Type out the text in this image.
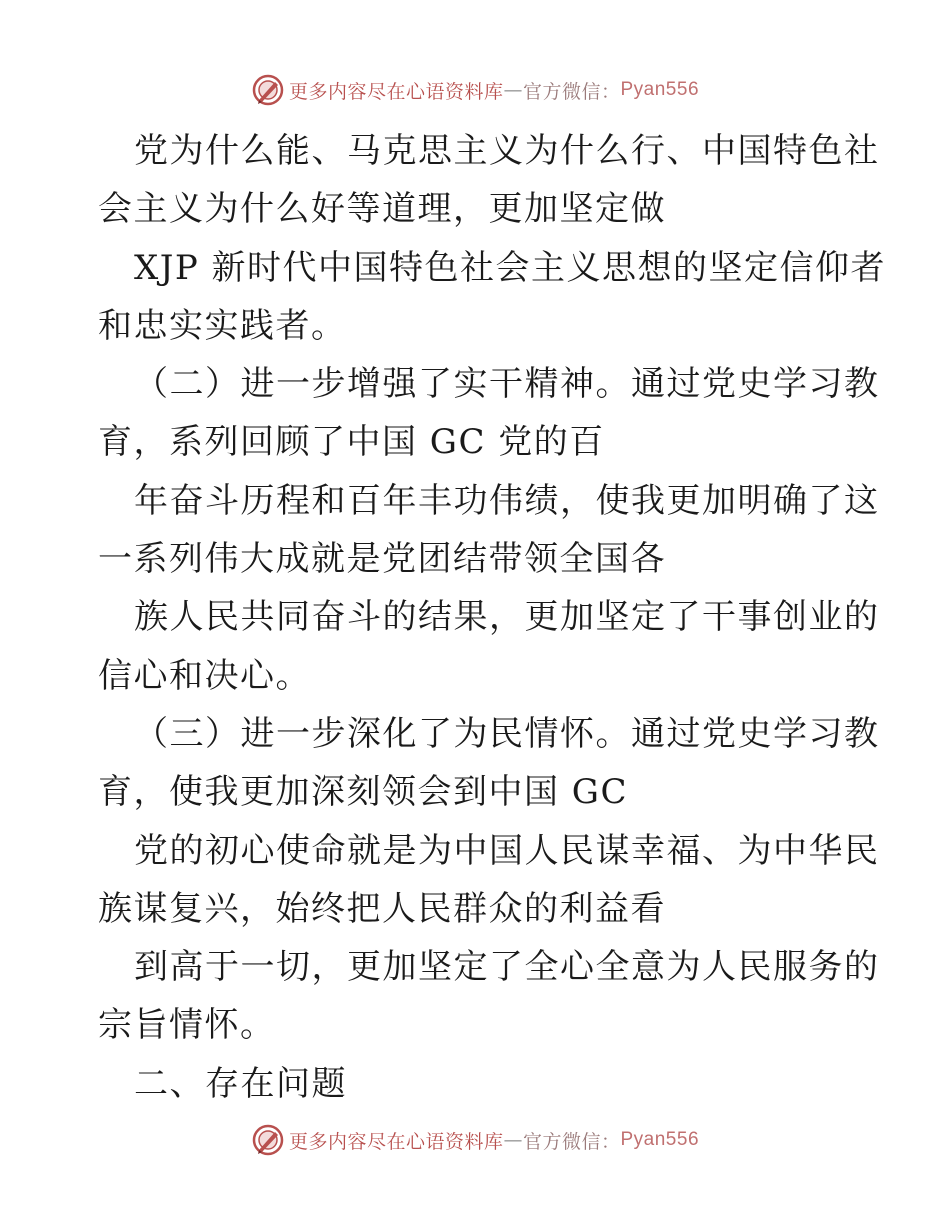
更多内容尽在心语资料库 — 官方微信： Pyan556
党为什么能、马克思主义为什么行、中国特色社
会主义为什么好等道理，更加坚定做
XJP 新时代中国特色社会主义思想的坚定信仰者
和忠实实践者。
（二）进一步增强了实干精神。通过党史学习教
育，系列回顾了中国 GC 党的百
年奋斗历程和百年丰功伟绩，使我更加明确了这
一系列伟大成就是党团结带领全国各
族人民共同奋斗的结果，更加坚定了干事创业的
信心和决心。
（三）进一步深化了为民情怀。通过党史学习教
育，使我更加深刻领会到中国 GC
党的初心使命就是为中国人民谋幸福、为中华民
族谋复兴，始终把人民群众的利益看
到高于一切，更加坚定了全心全意为人民服务的
宗旨情怀。
二、存在问题
更多内容尽在心语资料库 — 官方微信： Pyan556
